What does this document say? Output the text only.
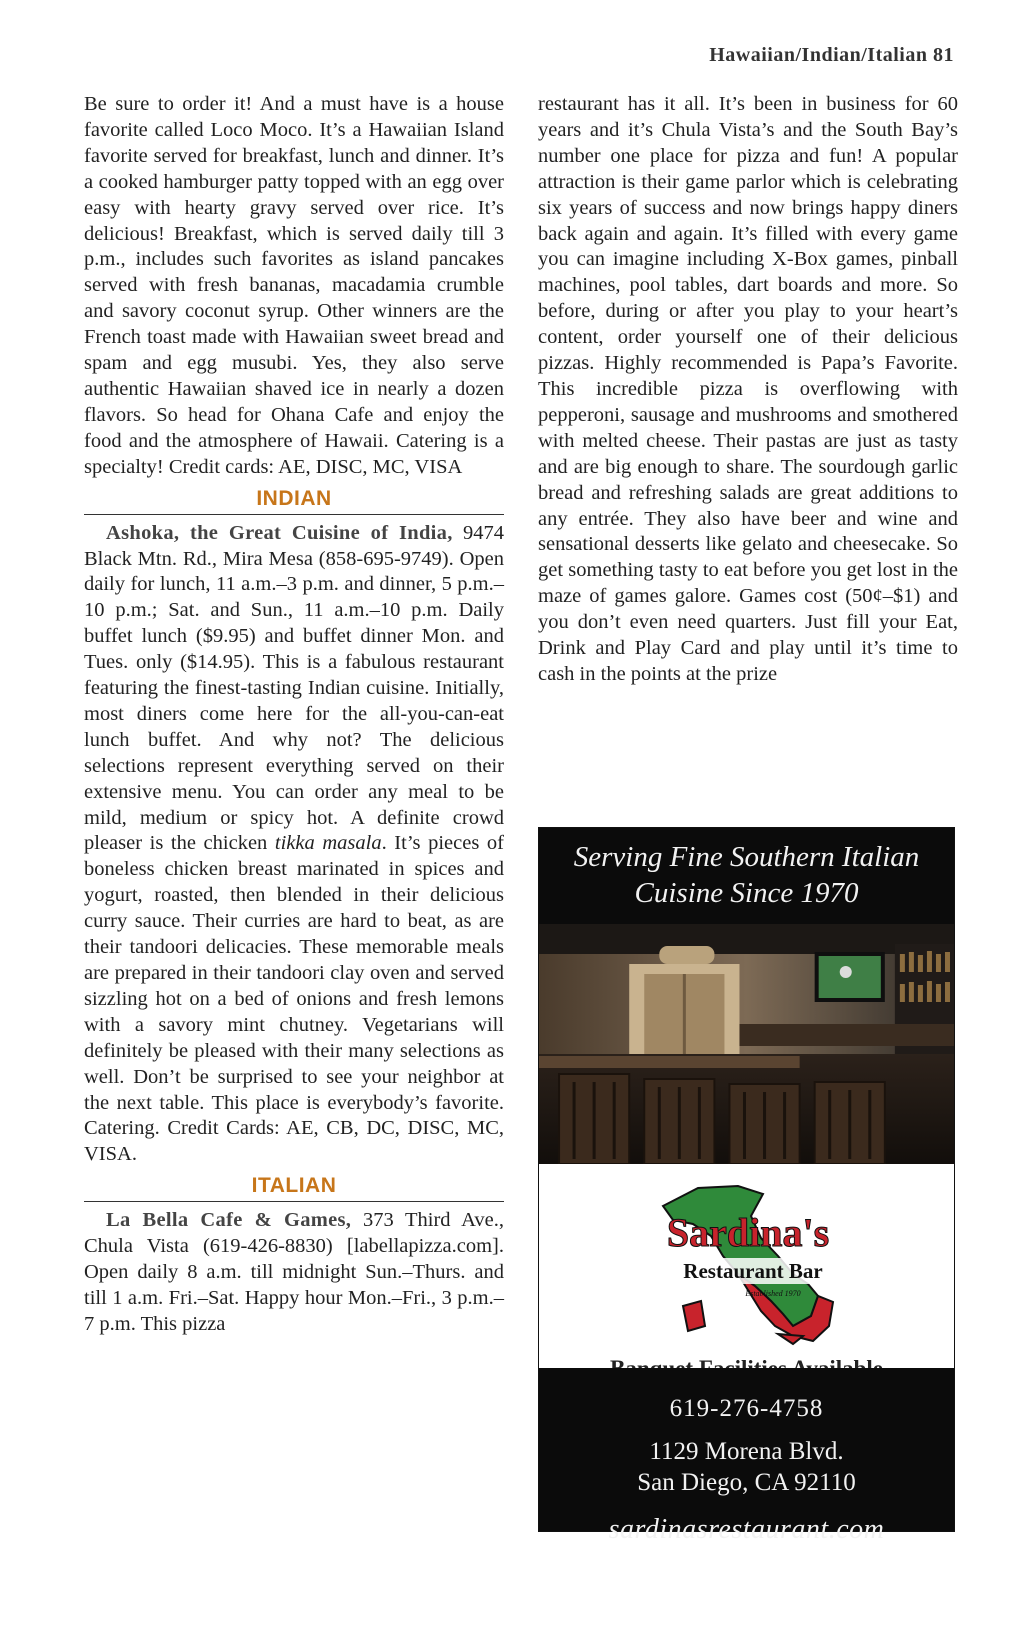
Hawaiian/Indian/Italian 81

Be sure to order it! And a must have is a house favorite called Loco Moco. It’s a Hawaiian Island favorite served for breakfast, lunch and dinner. It’s a cooked hamburger patty topped with an egg over easy with hearty gravy served over rice. It’s delicious! Breakfast, which is served daily till 3 p.m., includes such favorites as island pancakes served with fresh bananas, macadamia crumble and savory coconut syrup. Other winners are the French toast made with Hawaiian sweet bread and spam and egg musubi. Yes, they also serve authentic Hawaiian shaved ice in nearly a dozen flavors. So head for Ohana Cafe and enjoy the food and the atmosphere of Hawaii. Catering is a specialty! Credit cards: AE, DISC, MC, VISA

INDIAN

Ashoka, the Great Cuisine of India, 9474 Black Mtn. Rd., Mira Mesa (858-695-9749). Open daily for lunch, 11 a.m.–3 p.m. and dinner, 5 p.m.–10 p.m.; Sat. and Sun., 11 a.m.–10 p.m. Daily buffet lunch ($9.95) and buffet dinner Mon. and Tues. only ($14.95). This is a fabulous restaurant featuring the finest-tasting Indian cuisine. Initially, most diners come here for the all-you-can-eat lunch buffet. And why not? The delicious selections represent everything served on their extensive menu. You can order any meal to be mild, medium or spicy hot. A definite crowd pleaser is the chicken tikka masala. It’s pieces of boneless chicken breast marinated in spices and yogurt, roasted, then blended in their delicious curry sauce. Their curries are hard to beat, as are their tandoori delicacies. These memorable meals are prepared in their tandoori clay oven and served sizzling hot on a bed of onions and fresh lemons with a savory mint chutney. Vegetarians will definitely be pleased with their many selections as well. Don’t be surprised to see your neighbor at the next table. This place is everybody’s favorite. Catering. Credit Cards: AE, CB, DC, DISC, MC, VISA.

ITALIAN

La Bella Cafe & Games, 373 Third Ave., Chula Vista (619-426-8830) [labellapizza.com]. Open daily 8 a.m. till midnight Sun.–Thurs. and till 1 a.m. Fri.–Sat. Happy hour Mon.–Fri., 3 p.m.–7 p.m. This pizza

restaurant has it all. It’s been in business for 60 years and it’s Chula Vista’s and the South Bay’s number one place for pizza and fun! A popular attraction is their game parlor which is celebrating six years of success and now brings happy diners back again and again. It’s filled with every game you can imagine including X-Box games, pinball machines, pool tables, dart boards and more. So before, during or after you play to your heart’s content, order yourself one of their delicious pizzas. Highly recommended is Papa’s Favorite. This incredible pizza is overflowing with pepperoni, sausage and mushrooms and smothered with melted cheese. Their pastas are just as tasty and are big enough to share. The sourdough garlic bread and refreshing salads are great additions to any entrée. They also have beer and wine and sensational desserts like gelato and cheesecake. So get something tasty to eat before you get lost in the maze of games galore. Games cost (50¢–$1) and you don’t even need quarters. Just fill your Eat, Drink and Play Card and play until it’s time to cash in the points at the prize

Serving Fine Southern Italian
Cuisine Since 1970
Sardina's
Restaurant Bar
Established 1970
619-276-4758
1129 Morena Blvd.
San Diego, CA 92110
sardinasrestaurant.com
